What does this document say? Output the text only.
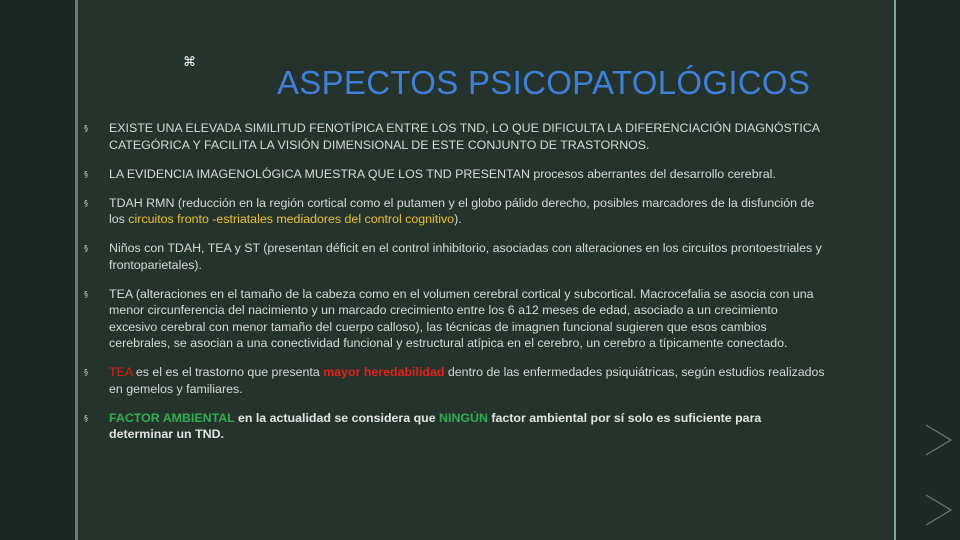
⌘
ASPECTOS PSICOPATOLÓGICOS
§ EXISTE UNA ELEVADA SIMILITUD FENOTÍPICA ENTRE LOS TND, LO QUE DIFICULTA LA DIFERENCIACIÓN DIAGNÓSTICA CATEGÓRICA Y FACILITA LA VISIÓN DIMENSIONAL DE ESTE CONJUNTO DE TRASTORNOS.
§ LA EVIDENCIA IMAGENOLÓGICA MUESTRA QUE LOS TND PRESENTAN procesos aberrantes del desarrollo cerebral.
§ TDAH RMN (reducción en la región cortical como el putamen y el globo pálido derecho, posibles marcadores de la disfunción de los circuitos fronto -estriatales mediadores del control cognitivo).
§ Niños con TDAH, TEA y ST (presentan déficit en el control inhibitorio, asociadas con alteraciones en los circuitos prontoestriales y frontoparietales).
§ TEA (alteraciones en el tamaño de la cabeza como en el volumen cerebral cortical y subcortical. Macrocefalia se asocia con una menor circunferencia del nacimiento y un marcado crecimiento entre los 6 a12 meses de edad, asociado a un crecimiento excesivo cerebral con menor tamaño del cuerpo calloso), las técnicas de imagnen funcional sugieren que esos cambios cerebrales, se asocian a una conectividad funcional y estructural atípica en el cerebro, un cerebro a típicamente conectado.
§ TEA es el es el trastorno que presenta mayor heredabilidad dentro de las enfermedades psiquiátricas, según estudios realizados en gemelos y familiares.
§ FACTOR AMBIENTAL en la actualidad se considera que NINGÚN factor ambiental por sí solo es suficiente para determinar un TND.
